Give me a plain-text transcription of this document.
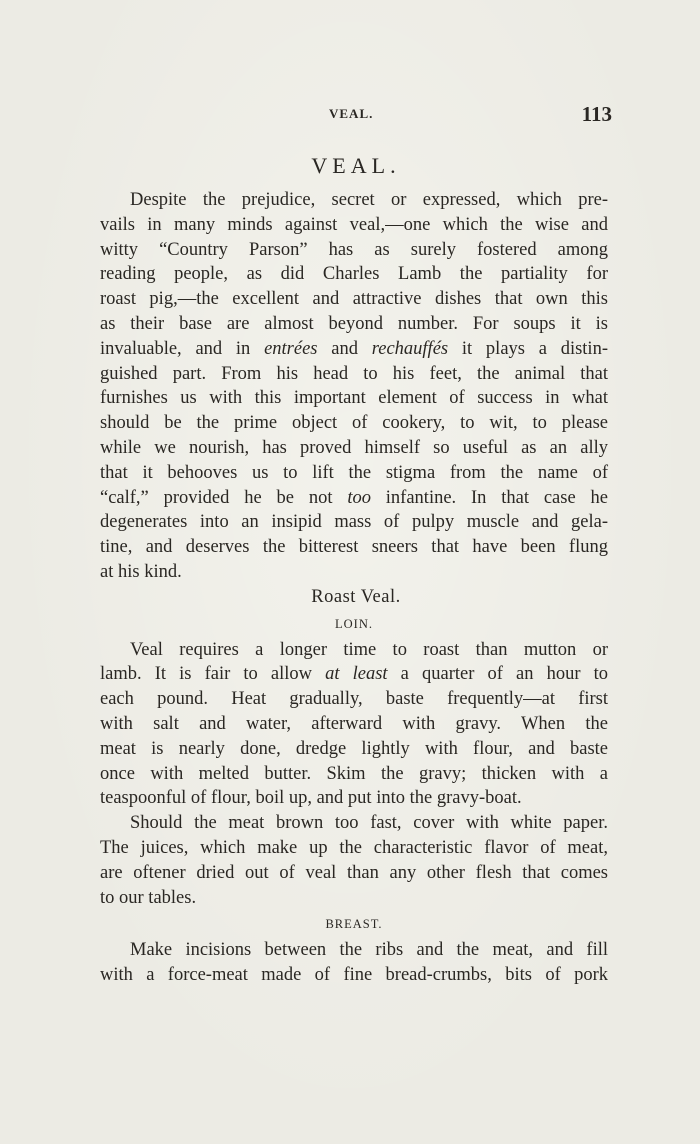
VEAL.	113
VEAL.
Despite the prejudice, secret or expressed, which pre-
vails in many minds against veal,—one which the wise and
witty “Country Parson” has as surely fostered among
reading people, as did Charles Lamb the partiality for
roast pig,—the excellent and attractive dishes that own this
as their base are almost beyond number. For soups it is
invaluable, and in entrées and rechauffés it plays a distin-
guished part. From his head to his feet, the animal that
furnishes us with this important element of success in what
should be the prime object of cookery, to wit, to please
while we nourish, has proved himself so useful as an ally
that it behooves us to lift the stigma from the name of
“calf,” provided he be not too infantine. In that case he
degenerates into an insipid mass of pulpy muscle and gela-
tine, and deserves the bitterest sneers that have been flung
at his kind.
Roast Veal.
LOIN.
Veal requires a longer time to roast than mutton or
lamb. It is fair to allow at least a quarter of an hour to
each pound. Heat gradually, baste frequently—at first
with salt and water, afterward with gravy. When the
meat is nearly done, dredge lightly with flour, and baste
once with melted butter. Skim the gravy; thicken with a
teaspoonful of flour, boil up, and put into the gravy-boat.
Should the meat brown too fast, cover with white paper.
The juices, which make up the characteristic flavor of meat,
are oftener dried out of veal than any other flesh that comes
to our tables.
BREAST.
Make incisions between the ribs and the meat, and fill
with a force-meat made of fine bread-crumbs, bits of pork
